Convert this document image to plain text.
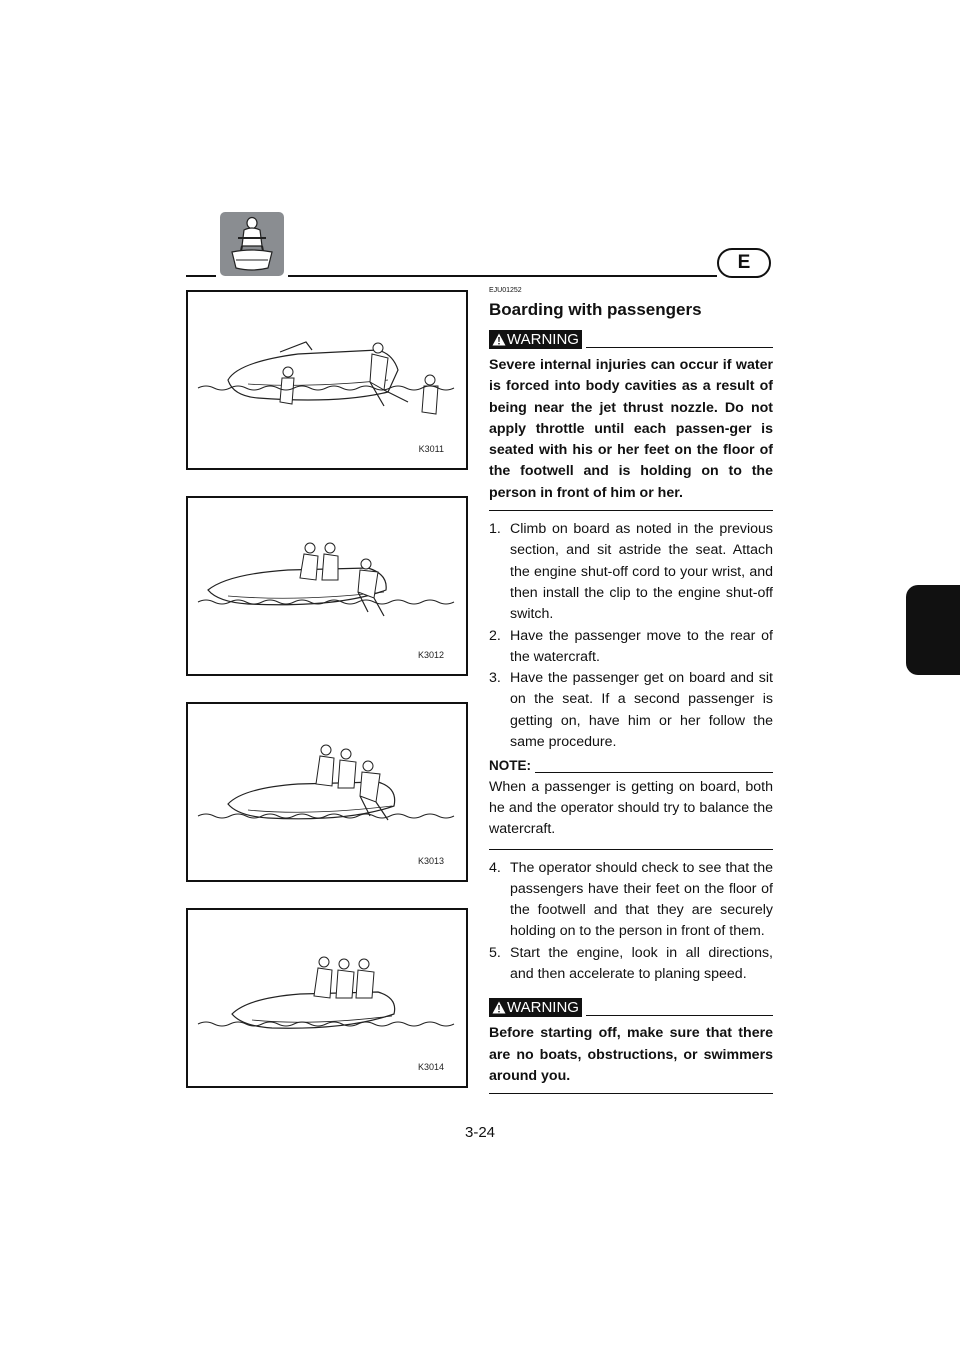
E
K3011
K3012
K3013
K3014
EJU01252
Boarding with passengers
WARNING

Severe internal injuries can occur if water is forced into body cavities as a result of being near the jet thrust nozzle. Do not apply throttle until each passen-ger is seated with his or her feet on the floor of the footwell and is holding on to the person in front of him or her.

1. Climb on board as noted in the previous section, and sit astride the seat. Attach the engine shut-off cord to your wrist, and then install the clip to the engine shut-off switch.
2. Have the passenger move to the rear of the watercraft.
3. Have the passenger get on board and sit on the seat. If a second passenger is getting on, have him or her follow the same procedure.
NOTE:

When a passenger is getting on board, both he and the operator should try to balance the watercraft.

4. The operator should check to see that the passengers have their feet on the floor of the footwell and that they are securely holding on to the person in front of them.
5. Start the engine, look in all directions, and then accelerate to planing speed.
WARNING

Before starting off, make sure that there are no boats, obstructions, or swimmers around you.

3-24
